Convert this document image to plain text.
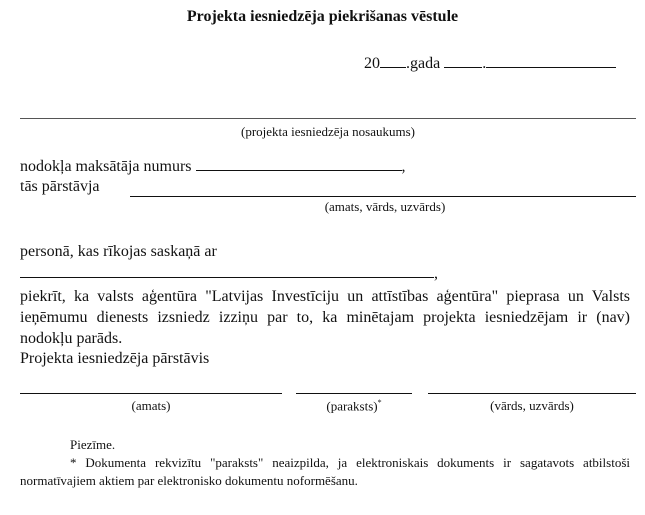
Projekta iesniedzēja piekrišanas vēstule
20 .gada	.
(projekta iesniedzēja nosaukums)
nodokļa maksātāja numurs	,
tās pārstāvja
(amats, vārds, uzvārds)
personā, kas rīkojas saskaņā ar
,
piekrīt, ka valsts aģentūra "Latvijas Investīciju un attīstības aģentūra" pieprasa un Valsts ieņēmumu dienests izsniedz izziņu par to, ka minētajam projekta iesniedzējam ir (nav) nodokļu parāds.
Projekta iesniedzēja pārstāvis
(amats)	(paraksts)*	(vārds, uzvārds)
Piezīme.
* Dokumenta rekvizītu "paraksts" neaizpilda, ja elektroniskais dokuments ir sagatavots atbilstoši normatīvajiem aktiem par elektronisko dokumentu noformēšanu.
